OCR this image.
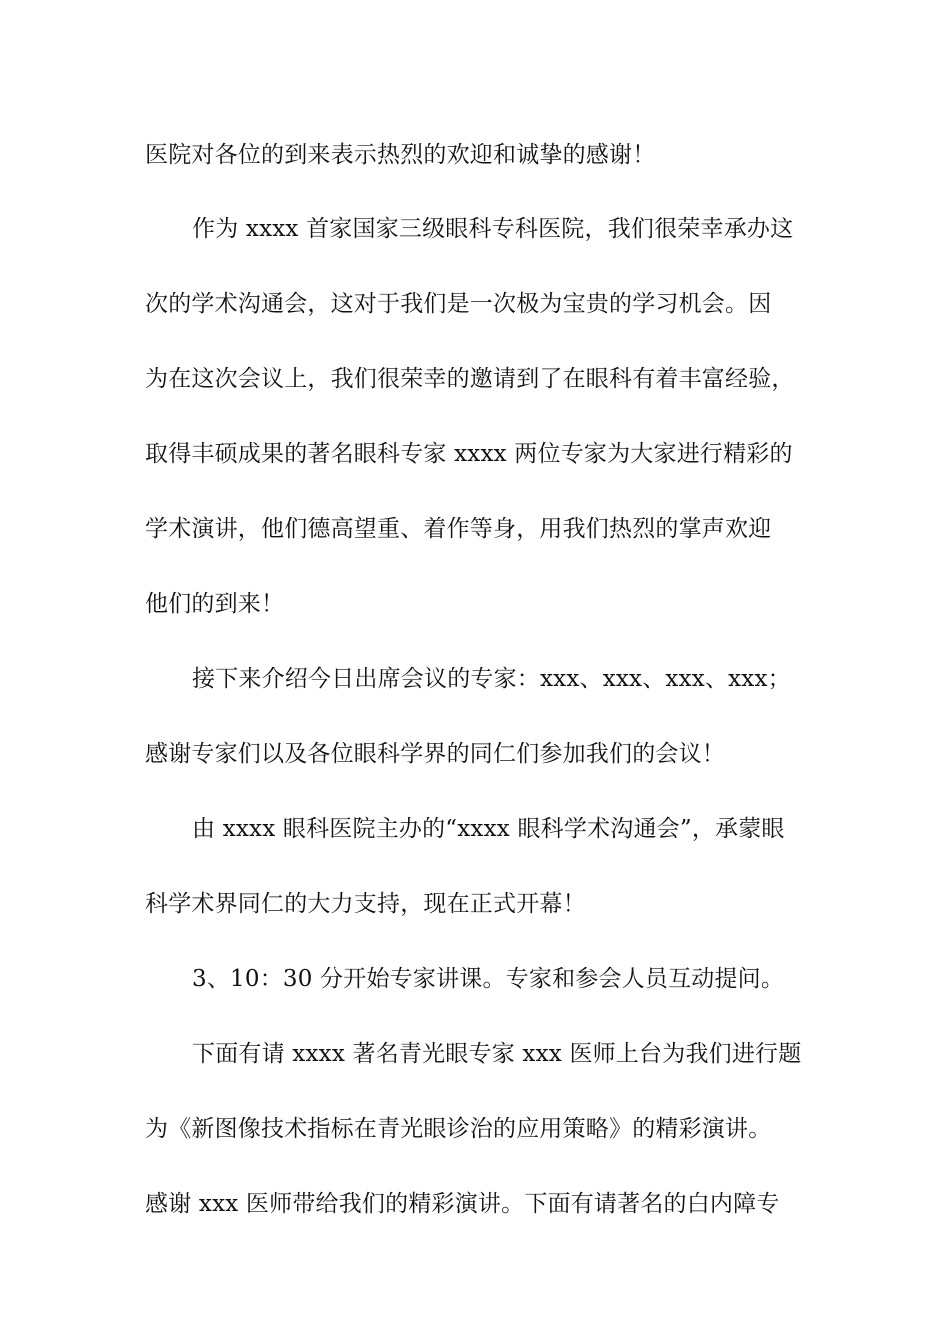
医院对各位的到来表示热烈的欢迎和诚挚的感谢！
作为 xxxx 首家国家三级眼科专科医院，我们很荣幸承办这
次的学术沟通会，这对于我们是一次极为宝贵的学习机会。因
为在这次会议上，我们很荣幸的邀请到了在眼科有着丰富经验，
取得丰硕成果的著名眼科专家 xxxx 两位专家为大家进行精彩的
学术演讲，他们德高望重、着作等身，用我们热烈的掌声欢迎
他们的到来！
接下来介绍今日出席会议的专家：xxx、xxx、xxx、xxx；
感谢专家们以及各位眼科学界的同仁们参加我们的会议！
由 xxxx 眼科医院主办的“xxxx 眼科学术沟通会”，承蒙眼
科学术界同仁的大力支持，现在正式开幕！
3、10：30 分开始专家讲课。专家和参会人员互动提问。
下面有请 xxxx 著名青光眼专家 xxx 医师上台为我们进行题
为《新图像技术指标在青光眼诊治的应用策略》的精彩演讲。
感谢 xxx 医师带给我们的精彩演讲。下面有请著名的白内障专
